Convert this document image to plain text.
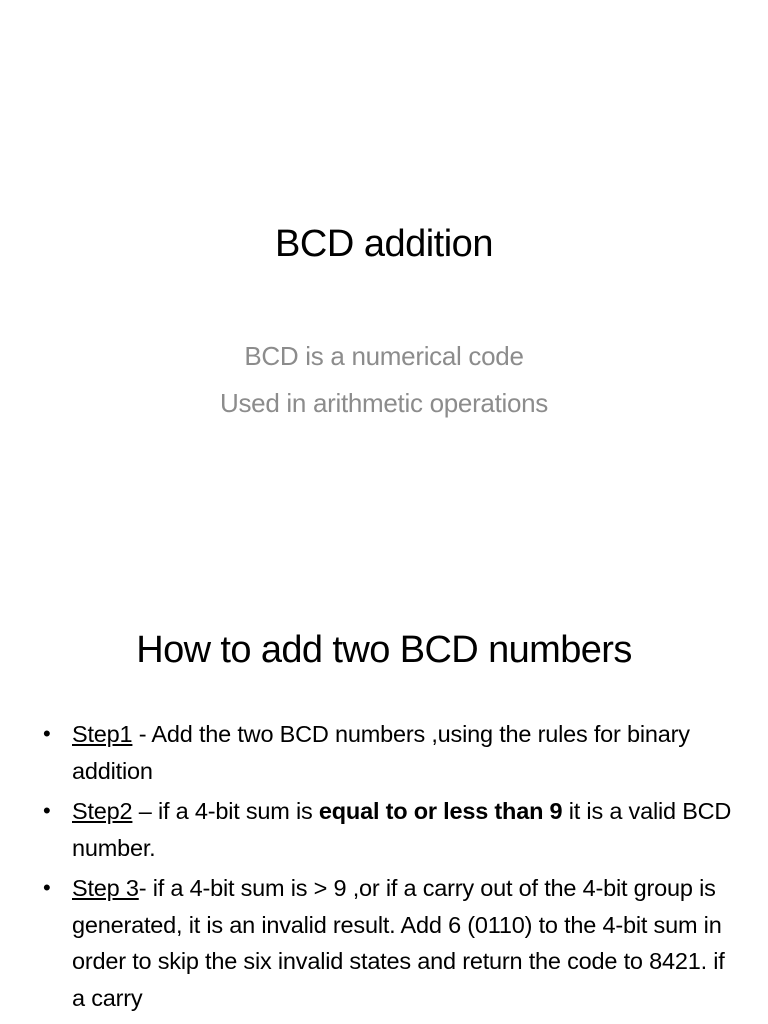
BCD addition
BCD is a numerical code
Used in arithmetic operations
How to add two BCD numbers
• Step1 - Add the two BCD numbers ,using the rules for binary addition
• Step2 – if a 4-bit sum is equal to or less than 9 it is a valid BCD number.
• Step 3- if a 4-bit sum is > 9 ,or if a carry out of the 4-bit group is generated, it is an invalid result. Add 6 (0110) to the 4-bit sum in order to skip the six invalid states and return the code to 8421. if a carry
